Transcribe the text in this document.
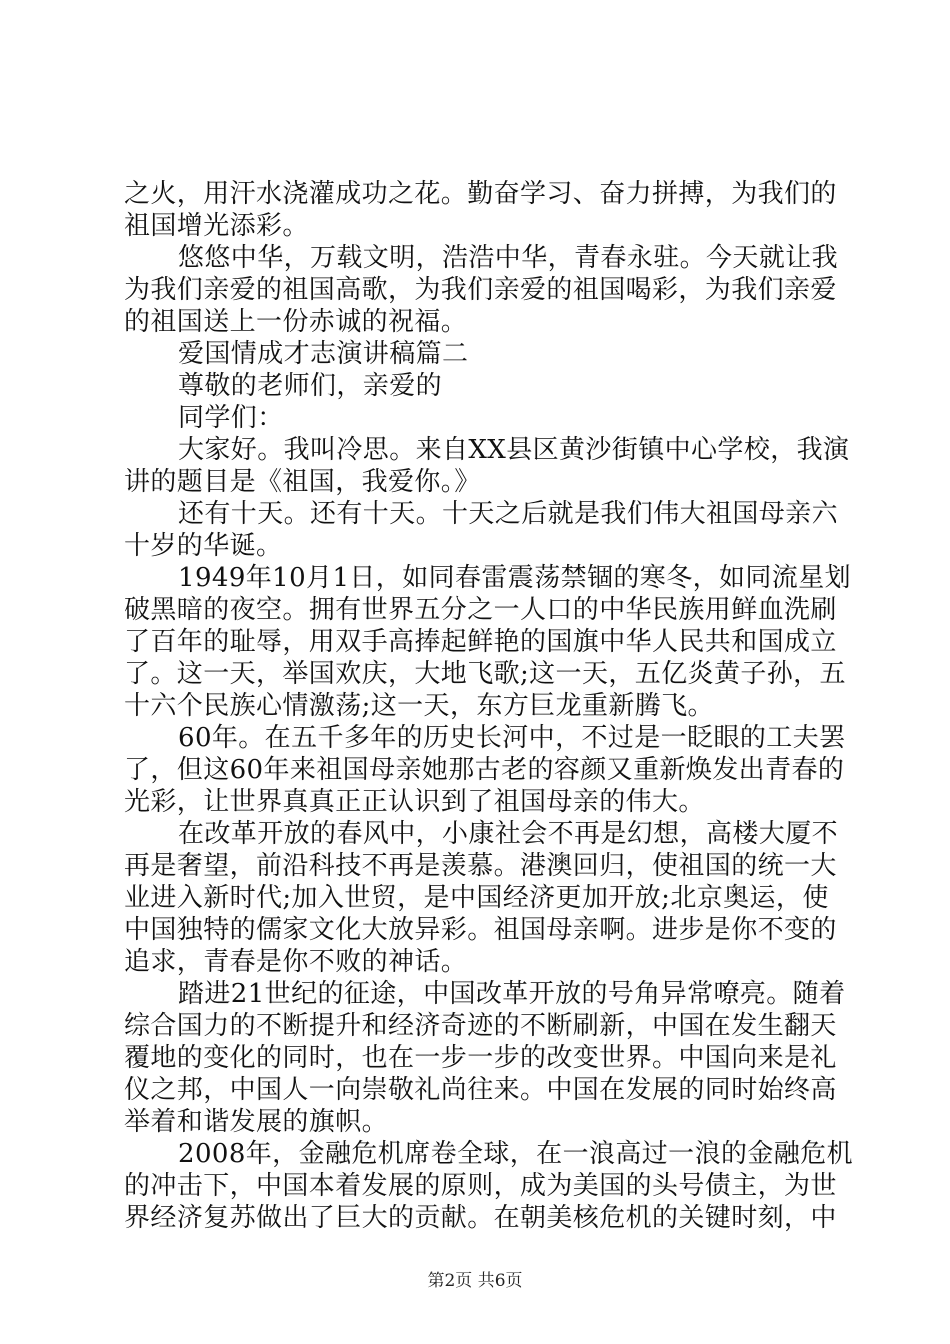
之火，用汗水浇灌成功之花。勤奋学习、奋力拼搏，为我们的
祖国增光添彩。
悠悠中华，万载文明，浩浩中华，青春永驻。今天就让我
为我们亲爱的祖国高歌，为我们亲爱的祖国喝彩，为我们亲爱
的祖国送上一份赤诚的祝福。
爱国情成才志演讲稿篇二
尊敬的老师们，亲爱的
同学们：
大家好。我叫冷思。来自XX县区黄沙街镇中心学校，我演
讲的题目是《祖国，我爱你。》
还有十天。还有十天。十天之后就是我们伟大祖国母亲六
十岁的华诞。
1949年10月1日，如同春雷震荡禁锢的寒冬，如同流星划
破黑暗的夜空。拥有世界五分之一人口的中华民族用鲜血洗刷
了百年的耻辱，用双手高捧起鲜艳的国旗中华人民共和国成立
了。这一天，举国欢庆，大地飞歌;这一天，五亿炎黄子孙，五
十六个民族心情激荡;这一天，东方巨龙重新腾飞。
60年。在五千多年的历史长河中，不过是一眨眼的工夫罢
了，但这60年来祖国母亲她那古老的容颜又重新焕发出青春的
光彩，让世界真真正正认识到了祖国母亲的伟大。
在改革开放的春风中，小康社会不再是幻想，高楼大厦不
再是奢望，前沿科技不再是羡慕。港澳回归，使祖国的统一大
业进入新时代;加入世贸，是中国经济更加开放;北京奥运，使
中国独特的儒家文化大放异彩。祖国母亲啊。进步是你不变的
追求，青春是你不败的神话。
踏进21世纪的征途，中国改革开放的号角异常嘹亮。随着
综合国力的不断提升和经济奇迹的不断刷新，中国在发生翻天
覆地的变化的同时，也在一步一步的改变世界。中国向来是礼
仪之邦，中国人一向崇敬礼尚往来。中国在发展的同时始终高
举着和谐发展的旗帜。
2008年，金融危机席卷全球，在一浪高过一浪的金融危机
的冲击下，中国本着发展的原则，成为美国的头号债主，为世
界经济复苏做出了巨大的贡献。在朝美核危机的关键时刻，中
第2页 共6页
